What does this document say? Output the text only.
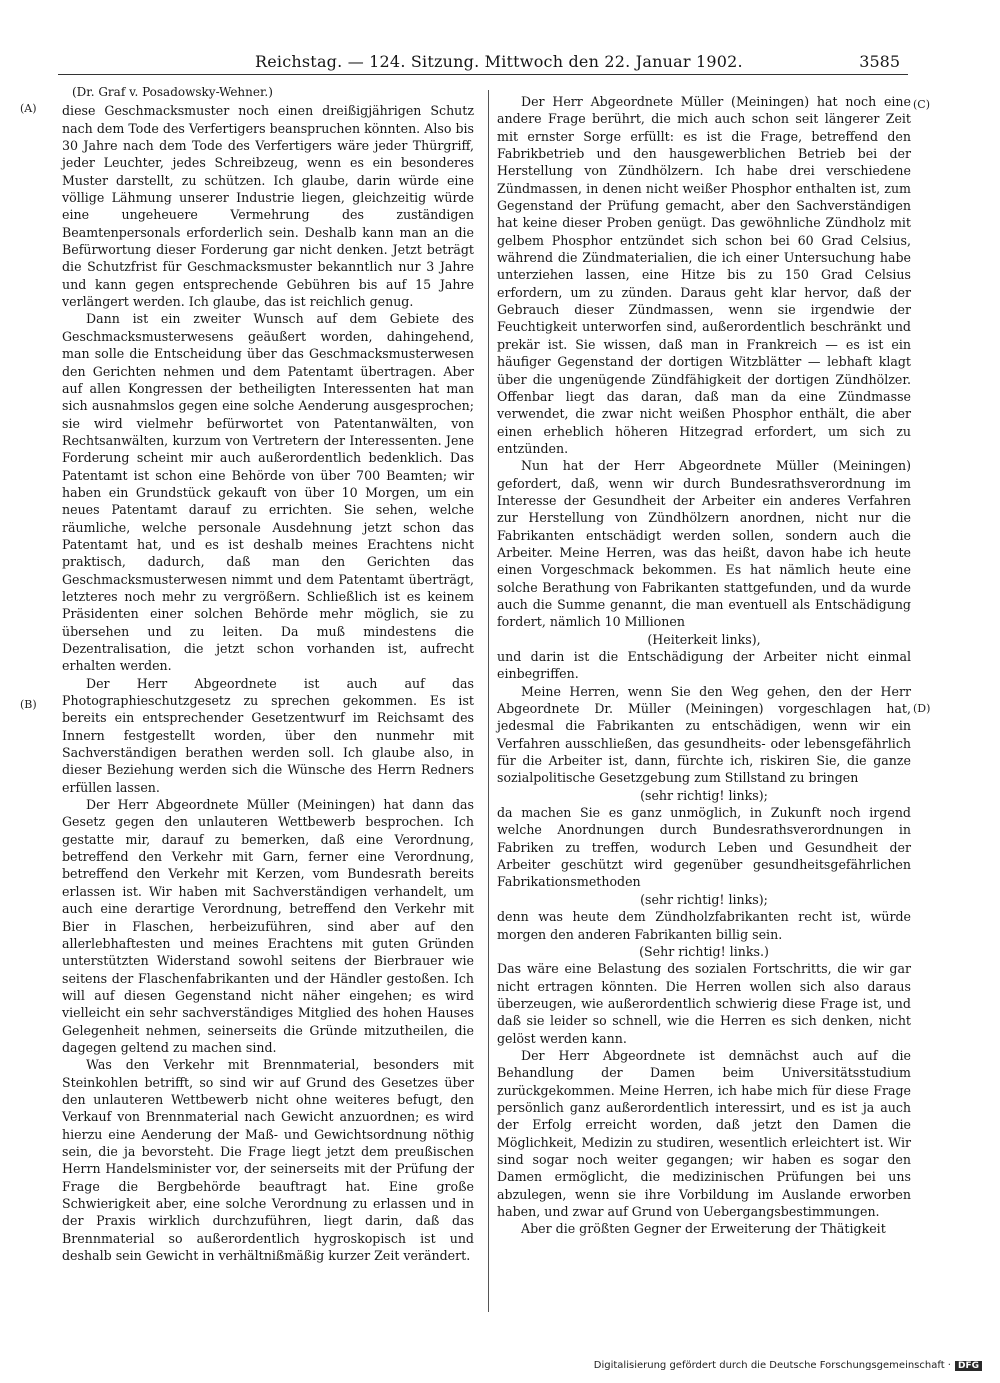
Reichstag. — 124. Sitzung. Mittwoch den 22. Januar 1902.	3585
(A)
(B)
(C)
(D)

(Dr. Graf v. Posadowsky-Wehner.)

diese Geschmacksmuster noch einen dreißigjährigen Schutz nach dem Tode des Verfertigers beanspruchen könnten. Also bis 30 Jahre nach dem Tode des Verfertigers wäre jeder Thürgriff, jeder Leuchter, jedes Schreibzeug, wenn es ein besonderes Muster darstellt, zu schützen. Ich glaube, darin würde eine völlige Lähmung unserer Industrie liegen, gleichzeitig würde eine ungeheuere Vermehrung des zuständigen Beamtenpersonals erforderlich sein. Deshalb kann man an die Befürwortung dieser Forderung gar nicht denken. Jetzt beträgt die Schutzfrist für Geschmacksmuster bekanntlich nur 3 Jahre und kann gegen entsprechende Gebühren bis auf 15 Jahre verlängert werden. Ich glaube, das ist reichlich genug.

Dann ist ein zweiter Wunsch auf dem Gebiete des Geschmacksmusterwesens geäußert worden, dahingehend, man solle die Entscheidung über das Geschmacksmusterwesen den Gerichten nehmen und dem Patentamt übertragen. Aber auf allen Kongressen der betheiligten Interessenten hat man sich ausnahmslos gegen eine solche Aenderung ausgesprochen; sie wird vielmehr befürwortet von Patentanwälten, von Rechtsanwälten, kurzum von Vertretern der Interessenten. Jene Forderung scheint mir auch außerordentlich bedenklich. Das Patentamt ist schon eine Behörde von über 700 Beamten; wir haben ein Grundstück gekauft von über 10 Morgen, um ein neues Patentamt darauf zu errichten. Sie sehen, welche räumliche, welche personale Ausdehnung jetzt schon das Patentamt hat, und es ist deshalb meines Erachtens nicht praktisch, dadurch, daß man den Gerichten das Geschmacksmusterwesen nimmt und dem Patentamt überträgt, letzteres noch mehr zu vergrößern. Schließlich ist es keinem Präsidenten einer solchen Behörde mehr möglich, sie zu übersehen und zu leiten. Da muß mindestens die Dezentralisation, die jetzt schon vorhanden ist, aufrecht erhalten werden.

Der Herr Abgeordnete ist auch auf das Photographieschutzgesetz zu sprechen gekommen. Es ist bereits ein entsprechender Gesetzentwurf im Reichsamt des Innern festgestellt worden, über den nunmehr mit Sachverständigen berathen werden soll. Ich glaube also, in dieser Beziehung werden sich die Wünsche des Herrn Redners erfüllen lassen.

Der Herr Abgeordnete Müller (Meiningen) hat dann das Gesetz gegen den unlauteren Wettbewerb besprochen. Ich gestatte mir, darauf zu bemerken, daß eine Verordnung, betreffend den Verkehr mit Garn, ferner eine Verordnung, betreffend den Verkehr mit Kerzen, vom Bundesrath bereits erlassen ist. Wir haben mit Sachverständigen verhandelt, um auch eine derartige Verordnung, betreffend den Verkehr mit Bier in Flaschen, herbeizuführen, sind aber auf den allerlebhaftesten und meines Erachtens mit guten Gründen unterstützten Widerstand sowohl seitens der Bierbrauer wie seitens der Flaschenfabrikanten und der Händler gestoßen. Ich will auf diesen Gegenstand nicht näher eingehen; es wird vielleicht ein sehr sachverständiges Mitglied des hohen Hauses Gelegenheit nehmen, seinerseits die Gründe mitzutheilen, die dagegen geltend zu machen sind.

Was den Verkehr mit Brennmaterial, besonders mit Steinkohlen betrifft, so sind wir auf Grund des Gesetzes über den unlauteren Wettbewerb nicht ohne weiteres befugt, den Verkauf von Brennmaterial nach Gewicht anzuordnen; es wird hierzu eine Aenderung der Maß- und Gewichtsordnung nöthig sein, die ja bevorsteht. Die Frage liegt jetzt dem preußischen Herrn Handelsminister vor, der seinerseits mit der Prüfung der Frage die Bergbehörde beauftragt hat. Eine große Schwierigkeit aber, eine solche Verordnung zu erlassen und in der Praxis wirklich durchzuführen, liegt darin, daß das Brennmaterial so außerordentlich hygroskopisch ist und deshalb sein Gewicht in verhältnißmäßig kurzer Zeit verändert.

Der Herr Abgeordnete Müller (Meiningen) hat noch eine andere Frage berührt, die mich auch schon seit längerer Zeit mit ernster Sorge erfüllt: es ist die Frage, betreffend den Fabrikbetrieb und den hausgewerblichen Betrieb bei der Herstellung von Zündhölzern. Ich habe drei verschiedene Zündmassen, in denen nicht weißer Phosphor enthalten ist, zum Gegenstand der Prüfung gemacht, aber den Sachverständigen hat keine dieser Proben genügt. Das gewöhnliche Zündholz mit gelbem Phosphor entzündet sich schon bei 60 Grad Celsius, während die Zündmaterialien, die ich einer Untersuchung habe unterziehen lassen, eine Hitze bis zu 150 Grad Celsius erfordern, um zu zünden. Daraus geht klar hervor, daß der Gebrauch dieser Zündmassen, wenn sie irgendwie der Feuchtigkeit unterworfen sind, außerordentlich beschränkt und prekär ist. Sie wissen, daß man in Frankreich — es ist ein häufiger Gegenstand der dortigen Witzblätter — lebhaft klagt über die ungenügende Zündfähigkeit der dortigen Zündhölzer. Offenbar liegt das daran, daß man da eine Zündmasse verwendet, die zwar nicht weißen Phosphor enthält, die aber einen erheblich höheren Hitzegrad erfordert, um sich zu entzünden.

Nun hat der Herr Abgeordnete Müller (Meiningen) gefordert, daß, wenn wir durch Bundesrathsverordnung im Interesse der Gesundheit der Arbeiter ein anderes Verfahren zur Herstellung von Zündhölzern anordnen, nicht nur die Fabrikanten entschädigt werden sollen, sondern auch die Arbeiter. Meine Herren, was das heißt, davon habe ich heute einen Vorgeschmack bekommen. Es hat nämlich heute eine solche Berathung von Fabrikanten stattgefunden, und da wurde auch die Summe genannt, die man eventuell als Entschädigung fordert, nämlich 10 Millionen

(Heiterkeit links),

und darin ist die Entschädigung der Arbeiter nicht einmal einbegriffen.

Meine Herren, wenn Sie den Weg gehen, den der Herr Abgeordnete Dr. Müller (Meiningen) vorgeschlagen hat, jedesmal die Fabrikanten zu entschädigen, wenn wir ein Verfahren ausschließen, das gesundheits- oder lebensgefährlich für die Arbeiter ist, dann, fürchte ich, riskiren Sie, die ganze sozialpolitische Gesetzgebung zum Stillstand zu bringen

(sehr richtig! links);

da machen Sie es ganz unmöglich, in Zukunft noch irgend welche Anordnungen durch Bundesrathsverordnungen in Fabriken zu treffen, wodurch Leben und Gesundheit der Arbeiter geschützt wird gegenüber gesundheitsgefährlichen Fabrikationsmethoden

(sehr richtig! links);

denn was heute dem Zündholzfabrikanten recht ist, würde morgen den anderen Fabrikanten billig sein.

(Sehr richtig! links.)

Das wäre eine Belastung des sozialen Fortschritts, die wir gar nicht ertragen könnten. Die Herren wollen sich also daraus überzeugen, wie außerordentlich schwierig diese Frage ist, und daß sie leider so schnell, wie die Herren es sich denken, nicht gelöst werden kann.

Der Herr Abgeordnete ist demnächst auch auf die Behandlung der Damen beim Universitätsstudium zurückgekommen. Meine Herren, ich habe mich für diese Frage persönlich ganz außerordentlich interessirt, und es ist ja auch der Erfolg erreicht worden, daß jetzt den Damen die Möglichkeit, Medizin zu studiren, wesentlich erleichtert ist. Wir sind sogar noch weiter gegangen; wir haben es sogar den Damen ermöglicht, die medizinischen Prüfungen bei uns abzulegen, wenn sie ihre Vorbildung im Auslande erworben haben, und zwar auf Grund von Uebergangsbestimmungen.

Aber die größten Gegner der Erweiterung der Thätigkeit

Digitalisierung gefördert durch die Deutsche Forschungsgemeinschaft · DFG
